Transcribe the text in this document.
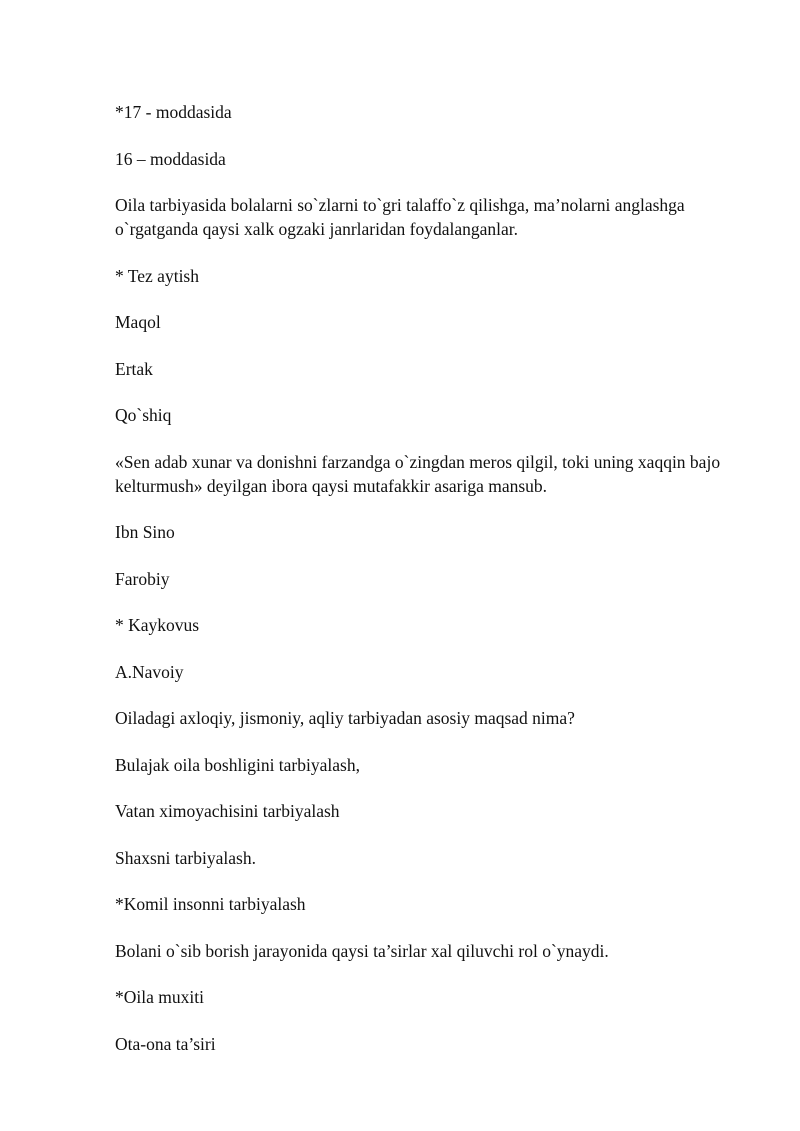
*17 - moddasida

16 – moddasida

Oila tarbiyasida bolalarni so`zlarni to`gri talaffo`z qilishga, ma’nolarni anglashga o`rgatganda qaysi xalk ogzaki janrlaridan foydalanganlar.

* Tez aytish

Maqol

Ertak

Qo`shiq

«Sen adab xunar va donishni farzandga o`zingdan meros qilgil, toki uning xaqqin bajo kelturmush» deyilgan ibora qaysi mutafakkir asariga mansub.

Ibn Sino

Farobiy

* Kaykovus

A.Navoiy

Oiladagi axloqiy, jismoniy, aqliy tarbiyadan asosiy maqsad nima?

Bulajak oila boshligini tarbiyalash,

Vatan ximoyachisini tarbiyalash

Shaxsni tarbiyalash.

*Komil insonni tarbiyalash

Bolani o`sib borish jarayonida qaysi ta’sirlar xal qiluvchi rol o`ynaydi.

*Oila muxiti

Ota-ona ta’siri
